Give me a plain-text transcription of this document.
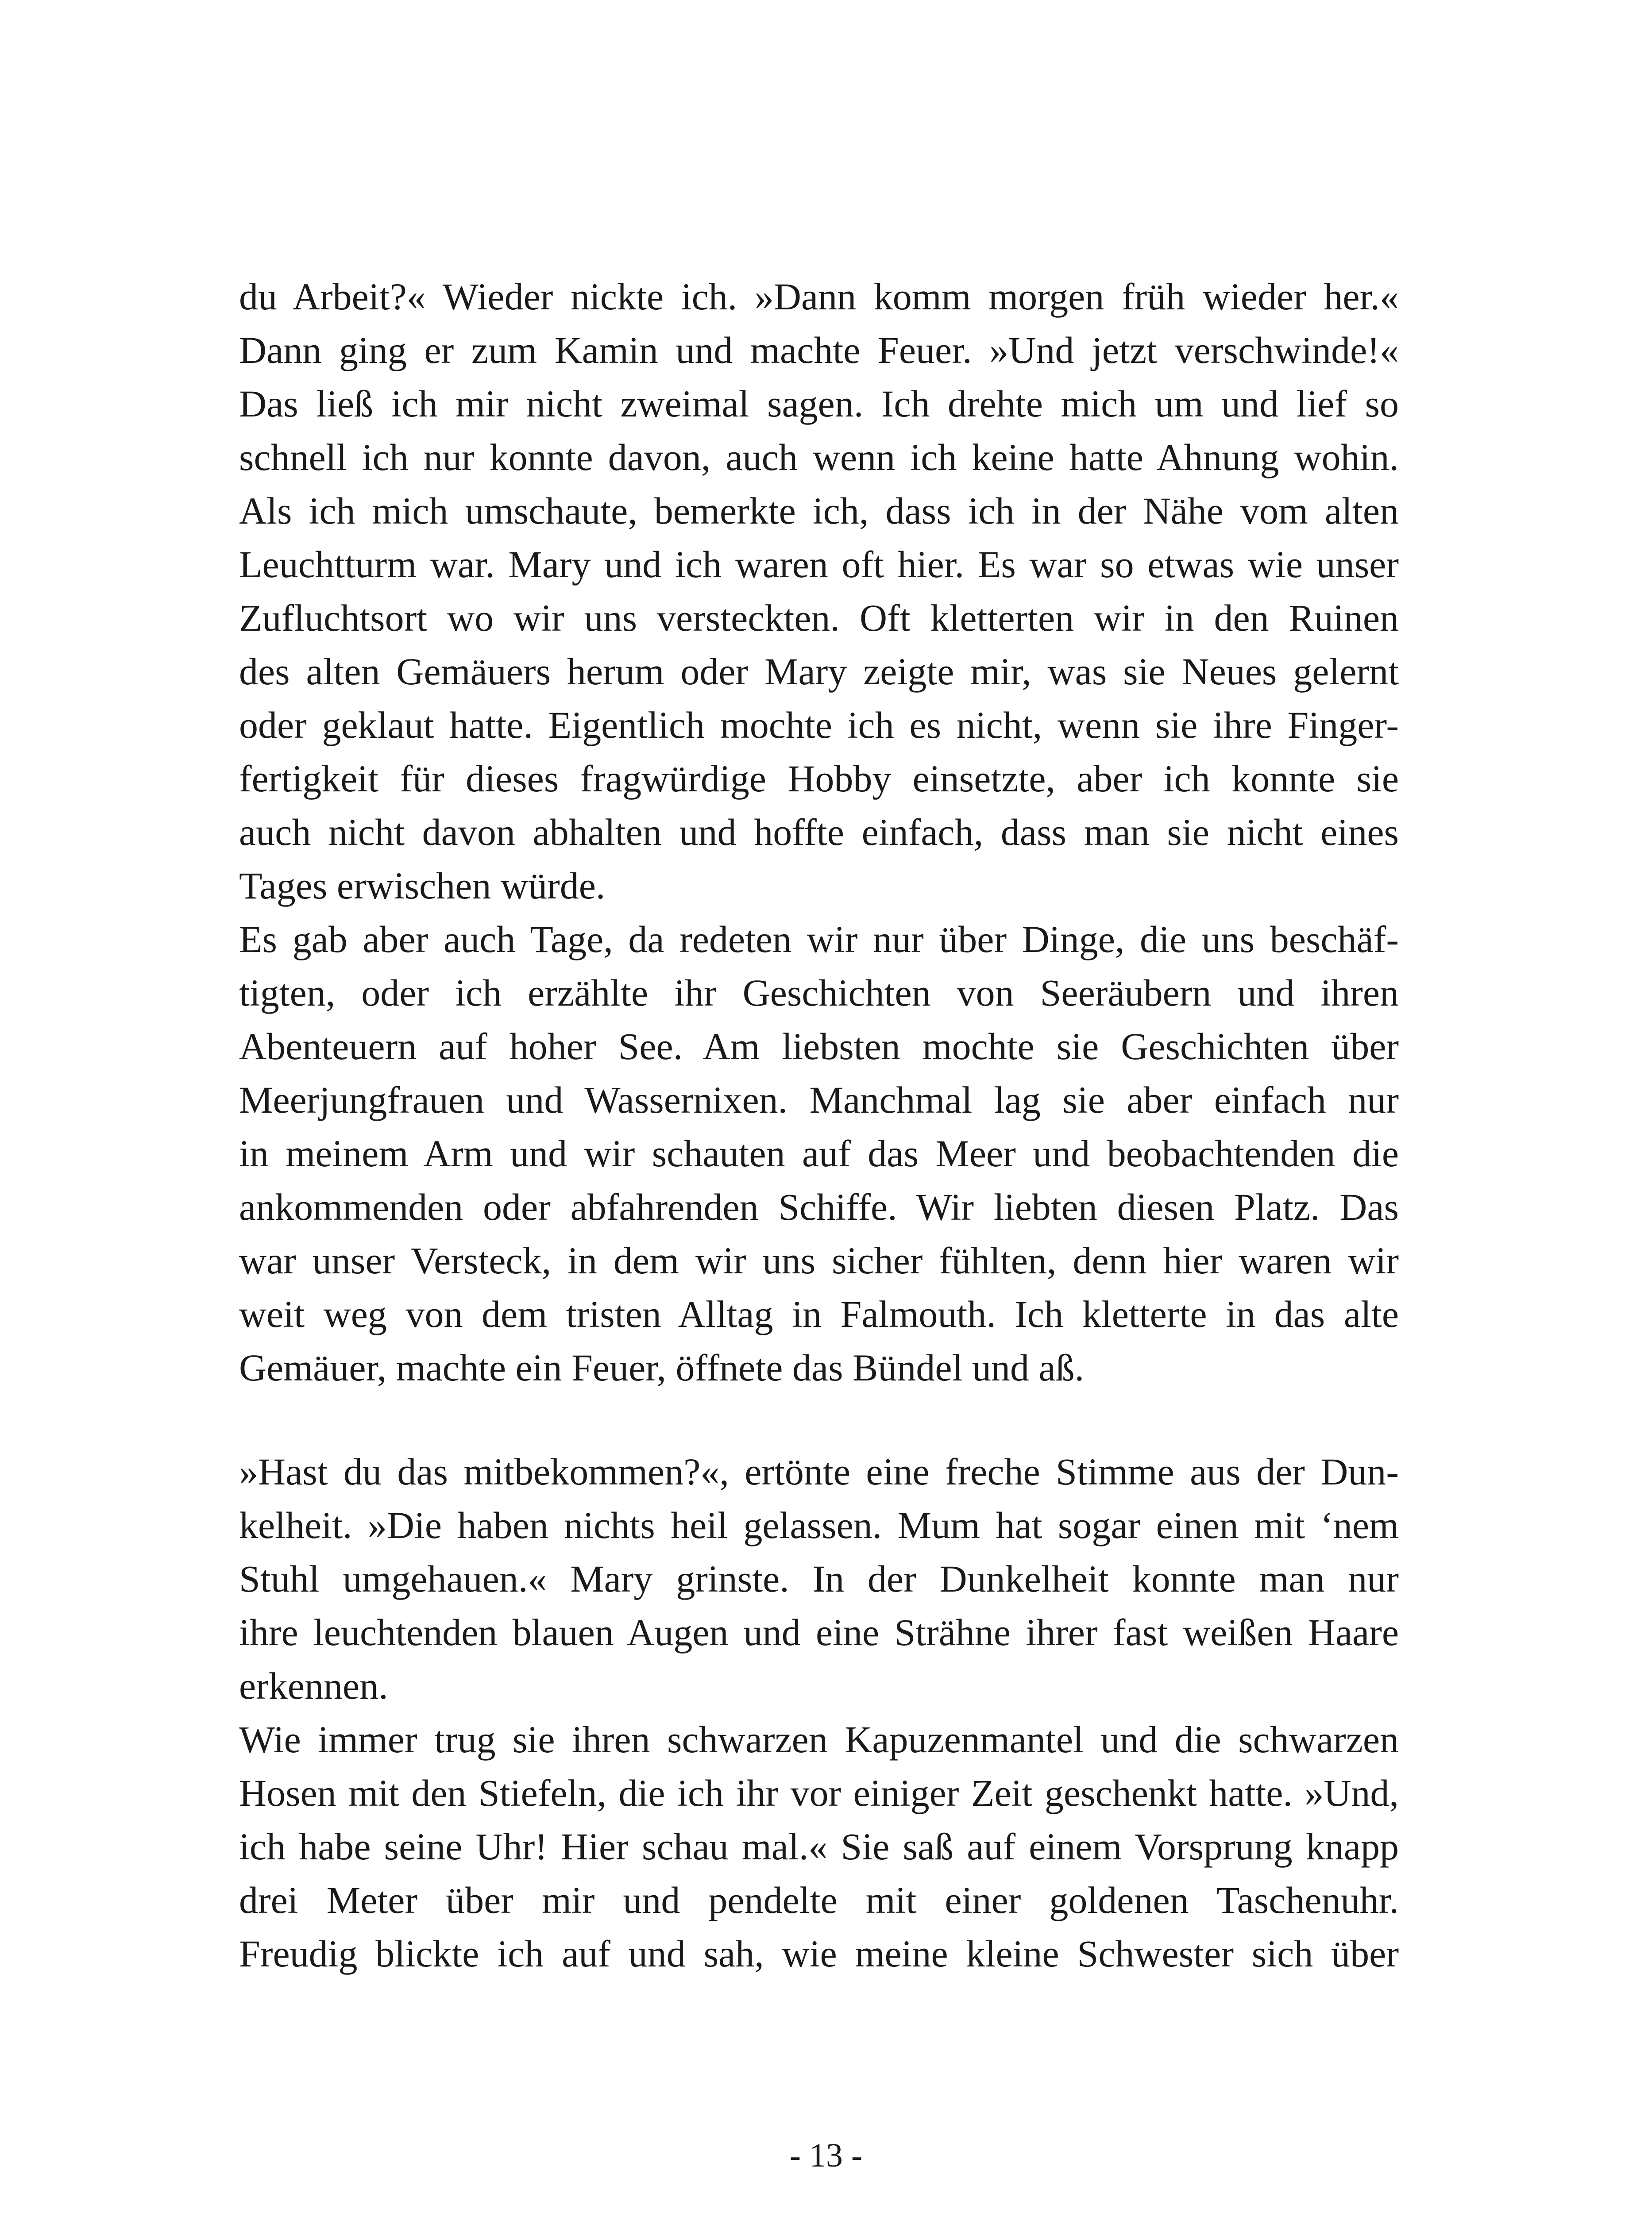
du Arbeit?« Wieder nickte ich. »Dann komm morgen früh wieder her.«
Dann ging er zum Kamin und machte Feuer. »Und jetzt verschwinde!«
Das ließ ich mir nicht zweimal sagen. Ich drehte mich um und lief so
schnell ich nur konnte davon, auch wenn ich keine hatte Ahnung wohin.
Als ich mich umschaute, bemerkte ich, dass ich in der Nähe vom alten
Leuchtturm war. Mary und ich waren oft hier. Es war so etwas wie unser
Zufluchtsort wo wir uns versteckten. Oft kletterten wir in den Ruinen
des alten Gemäuers herum oder Mary zeigte mir, was sie Neues gelernt
oder geklaut hatte. Eigentlich mochte ich es nicht, wenn sie ihre Finger-
fertigkeit für dieses fragwürdige Hobby einsetzte, aber ich konnte sie
auch nicht davon abhalten und hoffte einfach, dass man sie nicht eines
Tages erwischen würde.
Es gab aber auch Tage, da redeten wir nur über Dinge, die uns beschäf-
tigten, oder ich erzählte ihr Geschichten von Seeräubern und ihren
Abenteuern auf hoher See. Am liebsten mochte sie Geschichten über
Meerjungfrauen und Wassernixen. Manchmal lag sie aber einfach nur
in meinem Arm und wir schauten auf das Meer und beobachtenden die
ankommenden oder abfahrenden Schiffe. Wir liebten diesen Platz. Das
war unser Versteck, in dem wir uns sicher fühlten, denn hier waren wir
weit weg von dem tristen Alltag in Falmouth. Ich kletterte in das alte
Gemäuer, machte ein Feuer, öffnete das Bündel und aß.
»Hast du das mitbekommen?«, ertönte eine freche Stimme aus der Dun-
kelheit. »Die haben nichts heil gelassen. Mum hat sogar einen mit ‘nem
Stuhl umgehauen.« Mary grinste. In der Dunkelheit konnte man nur
ihre leuchtenden blauen Augen und eine Strähne ihrer fast weißen Haare
erkennen.
Wie immer trug sie ihren schwarzen Kapuzenmantel und die schwarzen
Hosen mit den Stiefeln, die ich ihr vor einiger Zeit geschenkt hatte. »Und,
ich habe seine Uhr! Hier schau mal.« Sie saß auf einem Vorsprung knapp
drei Meter über mir und pendelte mit einer goldenen Taschenuhr.
Freudig blickte ich auf und sah, wie meine kleine Schwester sich über
- 13 -
